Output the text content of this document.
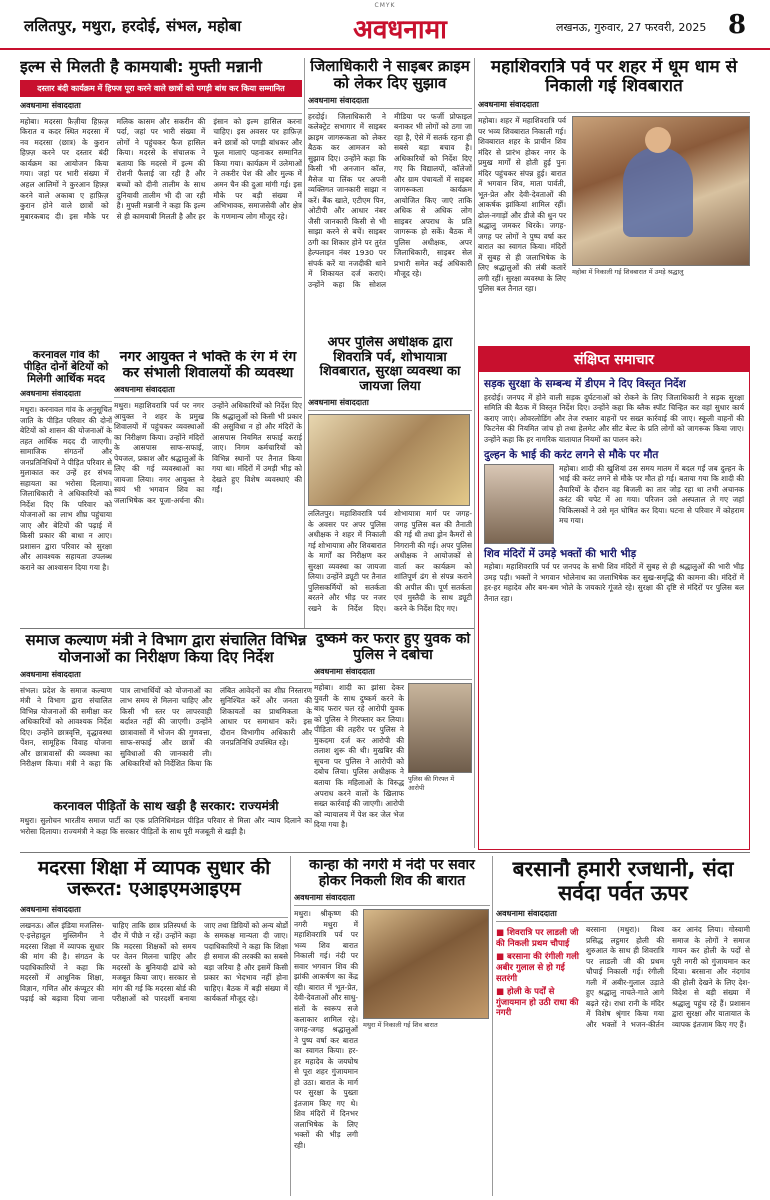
CMYK
ललितपुर, मथुरा, हरदोई, संभल, महोबा	अवधनामा	लखनऊ, गुरुवार, 27 फरवरी, 2025 8
इल्म से मिलती है कामयाबी: मुफ्ती मन्नानी
दस्तार बंदी कार्यक्रम में हिफ्ज पूरा करने वाले छात्रों को पगड़ी बांध कर किया सम्मानित
अवधनामा संवाददाता
महोबा। मदरसा फ़ैज़ीया हिफ़ज़ किरात व कदर स्थित मदरसा में नव मदरसा (छात्र) के कुरान हिफ़्ज़ करने पर दस्तार बंदी कार्यक्रम का आयोजन किया गया। जहां पर भारी संख्या में अहल आलिमों ने कुरआन हिफ़्ज़ करने वाले अकाबा ए हाफ़िज़ कुरान होने वाले छात्रों को मुबारकबाद दी। इस मौके पर मलिक कासम और सकरीन की पर्दा, जहां पर भारी संख्या में लोगों ने पहुंचकर फैज हासिल किया। मदरसे के संचालक ने बताया कि मदरसे में इल्म की रोशनी फैलाई जा रही है और बच्चों को दीनी तालीम के साथ दुनियावी तालीम भी दी जा रही है। मुफ्ती मन्नानी ने कहा कि इल्म से ही कामयाबी मिलती है और हर इंसान को इल्म हासिल करना चाहिए। इस अवसर पर हाफ़िज़ बने छात्रों को पगड़ी बांधकर और फूल मालाएं पहनाकर सम्मानित किया गया। कार्यक्रम में उलेमाओं ने तकरीर पेश की और मुल्क में अमन चैन की दुआ मांगी गई। इस मौके पर बड़ी संख्या में अभिभावक, समाजसेवी और क्षेत्र के गणमान्य लोग मौजूद रहे।
करनावल गांव की पीड़ित दोनों बेटियों को मिलेगी आर्थिक मदद
अवधनामा संवाददाता
मथुरा। करनावल गांव के अनुसूचित जाति के पीड़ित परिवार की दोनों बेटियों को शासन की योजनाओं के तहत आर्थिक मदद दी जाएगी। सामाजिक संगठनों और जनप्रतिनिधियों ने पीड़ित परिवार से मुलाकात कर उन्हें हर संभव सहायता का भरोसा दिलाया। जिलाधिकारी ने अधिकारियों को निर्देश दिए कि परिवार को योजनाओं का लाभ शीघ्र पहुंचाया जाए और बेटियों की पढ़ाई में किसी प्रकार की बाधा न आए। प्रशासन द्वारा परिवार को सुरक्षा और आवश्यक सहायता उपलब्ध कराने का आश्वासन दिया गया है।
जिलाधिकारी ने साइबर क्राइम को लेकर दिए सुझाव
अवधनामा संवाददाता
हरदोई। जिलाधिकारी ने कलेक्ट्रेट सभागार में साइबर क्राइम जागरूकता को लेकर बैठक कर आमजन को सुझाव दिए। उन्होंने कहा कि किसी भी अनजान कॉल, मैसेज या लिंक पर अपनी व्यक्तिगत जानकारी साझा न करें। बैंक खाते, एटीएम पिन, ओटीपी और आधार नंबर जैसी जानकारी किसी से भी साझा करने से बचें। साइबर ठगी का शिकार होने पर तुरंत हेल्पलाइन नंबर 1930 पर संपर्क करें या नजदीकी थाने में शिकायत दर्ज कराएं। उन्होंने कहा कि सोशल मीडिया पर फर्जी प्रोफाइल बनाकर भी लोगों को ठगा जा रहा है, ऐसे में सतर्क रहना ही सबसे बड़ा बचाव है। अधिकारियों को निर्देश दिए गए कि विद्यालयों, कॉलेजों और ग्राम पंचायतों में साइबर जागरूकता कार्यक्रम आयोजित किए जाएं ताकि अधिक से अधिक लोग साइबर अपराध के प्रति जागरूक हो सकें। बैठक में पुलिस अधीक्षक, अपर जिलाधिकारी, साइबर सेल प्रभारी समेत कई अधिकारी मौजूद रहे।
महाशिवरात्रि पर्व पर शहर में धूम धाम से निकाली गई शिवबारात
अवधनामा संवाददाता
महोबा। शहर में महाशिवरात्रि पर्व पर भव्य शिवबारात निकाली गई। शिवबारात शहर के प्राचीन शिव मंदिर से प्रारंभ होकर नगर के प्रमुख मार्गों से होती हुई पुनः मंदिर पहुंचकर संपन्न हुई। बारात में भगवान शिव, माता पार्वती, भूत-प्रेत और देवी-देवताओं की आकर्षक झांकियां शामिल रहीं। ढोल-नगाड़ों और डीजे की धुन पर श्रद्धालु जमकर थिरके। जगह-जगह पर लोगों ने पुष्प वर्षा कर बारात का स्वागत किया। मंदिरों में सुबह से ही जलाभिषेक के लिए श्रद्धालुओं की लंबी कतारें लगी रहीं। सुरक्षा व्यवस्था के लिए पुलिस बल तैनात रहा।
महोबा में निकाली गई शिवबारात में उमड़े श्रद्धालु
संक्षिप्त समाचार
सड़क सुरक्षा के सम्बन्ध में डीएम ने दिए विस्तृत निर्देश
हरदोई। जनपद में होने वाली सड़क दुर्घटनाओं को रोकने के लिए जिलाधिकारी ने सड़क सुरक्षा समिति की बैठक में विस्तृत निर्देश दिए। उन्होंने कहा कि ब्लैक स्पॉट चिन्हित कर वहां सुधार कार्य कराए जाएं। ओवरलोडिंग और तेज रफ्तार वाहनों पर सख्त कार्रवाई की जाए। स्कूली वाहनों की फिटनेस की नियमित जांच हो तथा हेलमेट और सीट बेल्ट के प्रति लोगों को जागरूक किया जाए। उन्होंने कहा कि हर नागरिक यातायात नियमों का पालन करे।
दुल्हन के भाई की करंट लगने से मौके पर मौत
महोबा। शादी की खुशियां उस समय मातम में बदल गईं जब दुल्हन के भाई की करंट लगने से मौके पर मौत हो गई। बताया गया कि शादी की तैयारियों के दौरान वह बिजली का तार जोड़ रहा था तभी अचानक करंट की चपेट में आ गया। परिजन उसे अस्पताल ले गए जहां चिकित्सकों ने उसे मृत घोषित कर दिया। घटना से परिवार में कोहराम मच गया।
शिव मंदिरों में उमड़े भक्तों की भारी भीड़
महोबा। महाशिवरात्रि पर्व पर जनपद के सभी शिव मंदिरों में सुबह से ही श्रद्धालुओं की भारी भीड़ उमड़ पड़ी। भक्तों ने भगवान भोलेनाथ का जलाभिषेक कर सुख-समृद्धि की कामना की। मंदिरों में हर-हर महादेव और बम-बम भोले के जयकारे गूंजते रहे। सुरक्षा की दृष्टि से मंदिरों पर पुलिस बल तैनात रहा।
नगर आयुक्त ने भक्ति के रंग में रंग कर संभाली शिवालयों की व्यवस्था
अवधनामा संवाददाता
मथुरा। महाशिवरात्रि पर्व पर नगर आयुक्त ने शहर के प्रमुख शिवालयों में पहुंचकर व्यवस्थाओं का निरीक्षण किया। उन्होंने मंदिरों के आसपास साफ-सफाई, पेयजल, प्रकाश और श्रद्धालुओं के लिए की गई व्यवस्थाओं का जायजा लिया। नगर आयुक्त ने स्वयं भी भगवान शिव का जलाभिषेक कर पूजा-अर्चना की। उन्होंने अधिकारियों को निर्देश दिए कि श्रद्धालुओं को किसी भी प्रकार की असुविधा न हो और मंदिरों के आसपास नियमित सफाई कराई जाए। निगम कर्मचारियों को विभिन्न स्थानों पर तैनात किया गया था। मंदिरों में उमड़ी भीड़ को देखते हुए विशेष व्यवस्थाएं की गईं।
अपर पुलिस अधीक्षक द्वारा शिवरात्रि पर्व, शोभायात्रा शिवबारात, सुरक्षा व्यवस्था का जायजा लिया
अवधनामा संवाददाता
ललितपुर। महाशिवरात्रि पर्व के अवसर पर अपर पुलिस अधीक्षक ने शहर में निकाली गई शोभायात्रा और शिवबारात के मार्गों का निरीक्षण कर सुरक्षा व्यवस्था का जायजा लिया। उन्होंने ड्यूटी पर तैनात पुलिसकर्मियों को सतर्कता बरतने और भीड़ पर नजर रखने के निर्देश दिए। शोभायात्रा मार्ग पर जगह-जगह पुलिस बल की तैनाती की गई थी तथा ड्रोन कैमरों से निगरानी की गई। अपर पुलिस अधीक्षक ने आयोजकों से वार्ता कर कार्यक्रम को शांतिपूर्ण ढंग से संपन्न कराने की अपील की। पूर्ण सतर्कता एवं मुस्तैदी के साथ ड्यूटी करने के निर्देश दिए गए।
समाज कल्याण मंत्री ने विभाग द्वारा संचालित विभिन्न योजनाओं का निरीक्षण किया दिए निर्देश
अवधनामा संवाददाता
संभल। प्रदेश के समाज कल्याण मंत्री ने विभाग द्वारा संचालित विभिन्न योजनाओं की समीक्षा कर अधिकारियों को आवश्यक निर्देश दिए। उन्होंने छात्रवृत्ति, वृद्धावस्था पेंशन, सामूहिक विवाह योजना और छात्रावासों की व्यवस्था का निरीक्षण किया। मंत्री ने कहा कि पात्र लाभार्थियों को योजनाओं का लाभ समय से मिलना चाहिए और किसी भी स्तर पर लापरवाही बर्दाश्त नहीं की जाएगी। उन्होंने छात्रावासों में भोजन की गुणवत्ता, साफ-सफाई और छात्रों की सुविधाओं की जानकारी ली। अधिकारियों को निर्देशित किया कि लंबित आवेदनों का शीघ्र निस्तारण सुनिश्चित करें और जनता की शिकायतों का प्राथमिकता के आधार पर समाधान करें। इस दौरान विभागीय अधिकारी और जनप्रतिनिधि उपस्थित रहे।
करनावल पीड़ितों के साथ खड़ी है सरकार: राज्यमंत्री
मथुरा। सुलोचन भारतीय समाज पार्टी का एक प्रतिनिधिमंडल पीड़ित परिवार से मिला और न्याय दिलाने का भरोसा दिलाया। राज्यमंत्री ने कहा कि सरकार पीड़ितों के साथ पूरी मजबूती से खड़ी है।
दुष्कर्म कर फरार हुए युवक को पुलिस ने दबोचा
अवधनामा संवाददाता
महोबा। शादी का झांसा देकर युवती के साथ दुष्कर्म करने के बाद फरार चल रहे आरोपी युवक को पुलिस ने गिरफ्तार कर लिया। पीड़िता की तहरीर पर पुलिस ने मुकदमा दर्ज कर आरोपी की तलाश शुरू की थी। मुखबिर की सूचना पर पुलिस ने आरोपी को दबोच लिया। पुलिस अधीक्षक ने बताया कि महिलाओं के विरुद्ध अपराध करने वालों के खिलाफ सख्त कार्रवाई की जाएगी। आरोपी को न्यायालय में पेश कर जेल भेज दिया गया है।
पुलिस की गिरफ्त में आरोपी
मदरसा शिक्षा में व्यापक सुधार की जरूरत: एआइएमआइएम
अवधनामा संवाददाता
लखनऊ। ऑल इंडिया मजलिस-ए-इत्तेहादुल मुस्लिमीन ने मदरसा शिक्षा में व्यापक सुधार की मांग की है। संगठन के पदाधिकारियों ने कहा कि मदरसों में आधुनिक शिक्षा, विज्ञान, गणित और कंप्यूटर की पढ़ाई को बढ़ावा दिया जाना चाहिए ताकि छात्र प्रतिस्पर्धा के दौर में पीछे न रहें। उन्होंने कहा कि मदरसा शिक्षकों को समय पर वेतन मिलना चाहिए और मदरसों के बुनियादी ढांचे को मजबूत किया जाए। सरकार से मांग की गई कि मदरसा बोर्ड की परीक्षाओं को पारदर्शी बनाया जाए तथा डिग्रियों को अन्य बोर्डों के समकक्ष मान्यता दी जाए। पदाधिकारियों ने कहा कि शिक्षा ही समाज की तरक्की का सबसे बड़ा जरिया है और इसमें किसी प्रकार का भेदभाव नहीं होना चाहिए। बैठक में बड़ी संख्या में कार्यकर्ता मौजूद रहे।
कान्हा की नगरी में नंदी पर सवार होकर निकली शिव की बारात
अवधनामा संवाददाता
मथुरा। श्रीकृष्ण की नगरी मथुरा में महाशिवरात्रि पर्व पर भव्य शिव बारात निकाली गई। नंदी पर सवार भगवान शिव की झांकी आकर्षण का केंद्र रही। बारात में भूत-प्रेत, देवी-देवताओं और साधु-संतों के स्वरूप सजे कलाकार शामिल रहे। जगह-जगह श्रद्धालुओं ने पुष्प वर्षा कर बारात का स्वागत किया। हर-हर महादेव के जयघोष से पूरा शहर गुंजायमान हो उठा। बारात के मार्ग पर सुरक्षा के पुख्ता इंतजाम किए गए थे। शिव मंदिरों में दिनभर जलाभिषेक के लिए भक्तों की भीड़ लगी रही।
मथुरा में निकाली गई शिव बारात
बरसानौ हमारी रजधानी, संदा सर्वदा पर्वत ऊपर
अवधनामा संवाददाता
■ शिवरात्रि पर लाडली जी की निकली प्रथम चौपाई
■ बरसाना की रंगीली गली अबीर गुलाल से हो गई सतरंगी
■ होली के पर्दों से गुंजायमान हो उठी राधा की नगरी
बरसाना (मथुरा)। विश्व प्रसिद्ध लट्ठमार होली की शुरुआत के साथ ही शिवरात्रि पर लाडली जी की प्रथम चौपाई निकाली गई। रंगीली गली में अबीर-गुलाल उड़ाते हुए श्रद्धालु नाचते-गाते आगे बढ़ते रहे। राधा रानी के मंदिर में विशेष श्रृंगार किया गया और भक्तों ने भजन-कीर्तन कर आनंद लिया। गोस्वामी समाज के लोगों ने समाज गायन कर होली के पदों से पूरी नगरी को गुंजायमान कर दिया। बरसाना और नंदगांव की होली देखने के लिए देश-विदेश से बड़ी संख्या में श्रद्धालु पहुंच रहे हैं। प्रशासन द्वारा सुरक्षा और यातायात के व्यापक इंतजाम किए गए हैं।
